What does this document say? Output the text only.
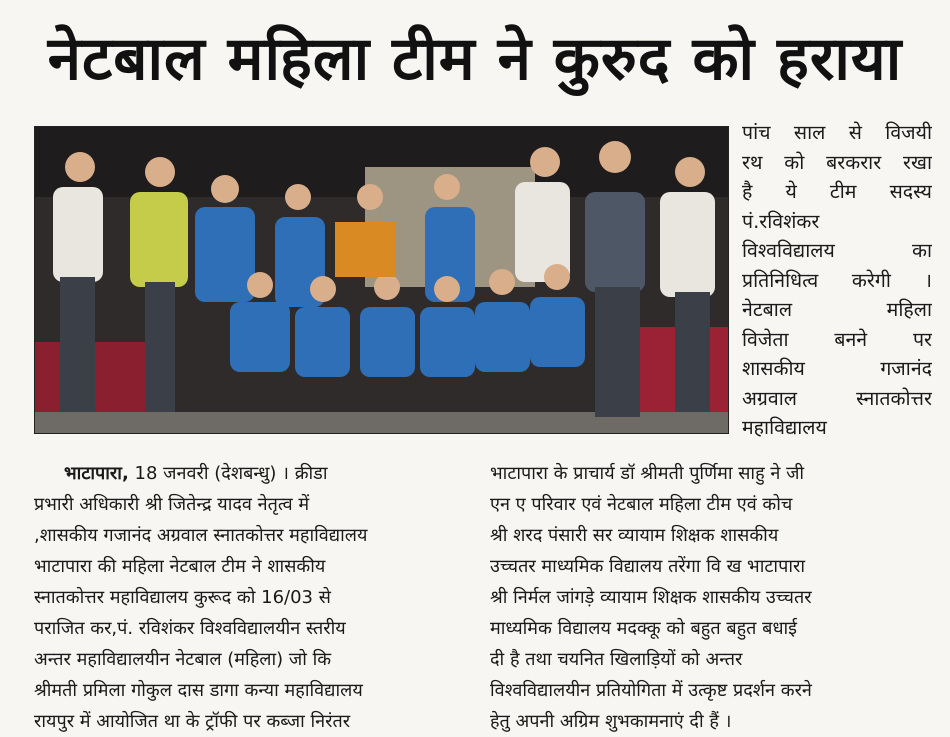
नेटबाल महिला टीम ने कुरुद को हराया
पांच साल से विजयी
रथ को बरकरार रखा
है ये टीम सदस्य
पं.रविशंकर
विश्वविद्यालय का
प्रतिनिधित्व करेगी ।
नेटबाल महिला
विजेता बनने पर
शासकीय गजानंद
अग्रवाल स्नातकोत्तर
महाविद्यालय
भाटापारा, 18 जनवरी (देशबन्धु) । क्रीडा
प्रभारी अधिकारी श्री जितेन्द्र यादव नेतृत्व में
,शासकीय गजानंद अग्रवाल स्नातकोत्तर महाविद्यालय
भाटापारा की महिला नेटबाल टीम ने शासकीय
स्नातकोत्तर महाविद्यालय कुरूद को 16/03 से
पराजित कर,पं. रविशंकर विश्वविद्यालयीन स्तरीय
अन्तर महाविद्यालयीन नेटबाल (महिला) जो कि
श्रीमती प्रमिला गोकुल दास डागा कन्या महाविद्यालय
रायपुर में आयोजित था के ट्रॉफी पर कब्जा निरंतर
भाटापारा के प्राचार्य डॉ श्रीमती पुर्णिमा साहु ने जी
एन ए परिवार एवं नेटबाल महिला टीम एवं कोच
श्री शरद पंसारी सर व्यायाम शिक्षक शासकीय
उच्चतर माध्यमिक विद्यालय तरेंगा वि ख भाटापारा
श्री निर्मल जांगड़े व्यायाम शिक्षक शासकीय उच्चतर
माध्यमिक विद्यालय मदक्कू को बहुत बहुत बधाई
दी है तथा चयनित खिलाड़ियों को अन्तर
विश्वविद्यालयीन प्रतियोगिता में उत्कृष्ट प्रदर्शन करने
हेतु अपनी अग्रिम शुभकामनाएं दी हैं ।
